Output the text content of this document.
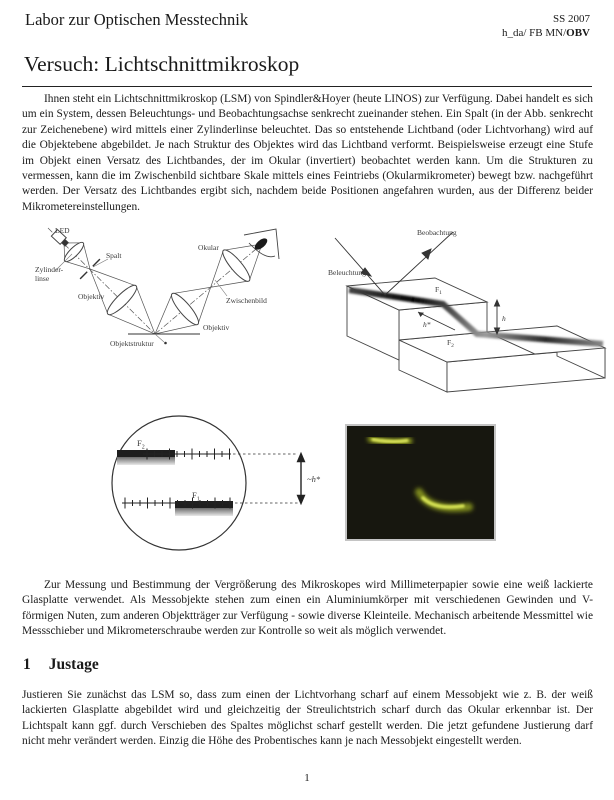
Labor zur Optischen Messtechnik	SS 2007
h_da/ FB MN/OBV
Versuch: Lichtschnittmikroskop

Ihnen steht ein Lichtschnittmikroskop (LSM) von Spindler&Hoyer (heute LINOS) zur Verfügung. Dabei handelt es sich um ein System, dessen Beleuchtungs- und Beobachtungsachse senkrecht zueinander stehen. Ein Spalt (in der Abb. senkrecht zur Zeichenebene) wird mittels einer Zylinderlinse beleuchtet. Das so entstehende Lichtband (oder Lichtvorhang) wird auf die Objektebene abgebildet. Je nach Struktur des Objektes wird das Lichtband verformt. Beispielsweise erzeugt eine Stufe im Objekt einen Versatz des Lichtbandes, der im Okular (invertiert) beobachtet werden kann. Um die Strukturen zu vermessen, kann die im Zwischenbild sichtbare Skale mittels eines Feintriebs (Okularmikrometer) bewegt bzw. nachgeführt werden. Der Versatz des Lichtbandes ergibt sich, nachdem beide Positionen angefahren wurden, aus der Differenz beider Mikrometereinstellungen.

LED
Zylinder-
linse
Spalt
Objektiv
Objektstruktur
Objektiv
Zwischenbild
Okular
Beobachtung
Beleuchtung
$F_1$
$F_2$
h*
h
$F_2$
$F_1$
~h*

Zur Messung und Bestimmung der Vergrößerung des Mikroskopes wird Millimeterpapier sowie eine weiß lackierte Glasplatte verwendet. Als Messobjekte stehen zum einen ein Aluminiumkörper mit verschiedenen Gewinden und V-förmigen Nuten, zum anderen Objektträger zur Verfügung - sowie diverse Kleinteile. Mechanisch arbeitende Messmittel wie Messschieber und Mikrometerschraube werden zur Kontrolle so weit als möglich verwendet.

1 Justage

Justieren Sie zunächst das LSM so, dass zum einen der Lichtvorhang scharf auf einem Messobjekt wie z. B. der weiß lackierten Glasplatte abgebildet wird und gleichzeitig der Streulichtstrich scharf durch das Okular erkennbar ist. Der Lichtspalt kann ggf. durch Verschieben des Spaltes möglichst scharf gestellt werden. Die jetzt gefundene Justierung darf nicht mehr verändert werden. Einzig die Höhe des Probentisches kann je nach Messobjekt eingestellt werden.

1
